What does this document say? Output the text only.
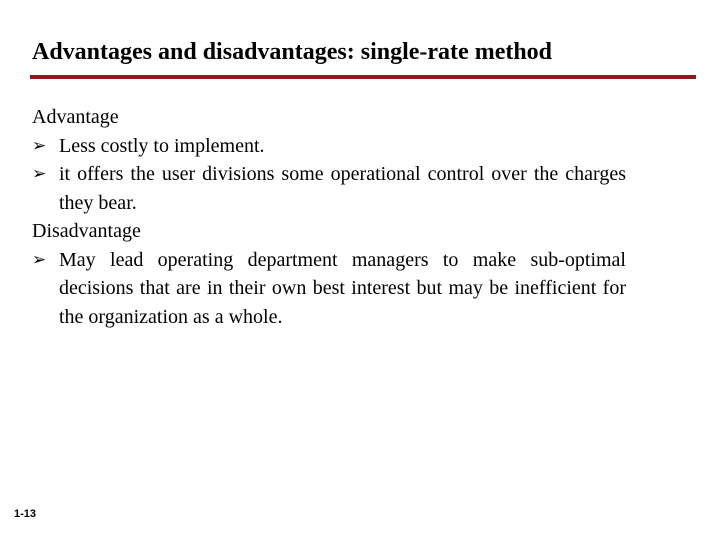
Advantages and disadvantages: single-rate method
Advantage
➢ Less costly to implement.
➢ it offers the user divisions some operational control over the charges they bear.
Disadvantage
➢ May lead operating department managers to make sub-optimal decisions that are in their own best interest but may be inefficient for the organization as a whole.
1-13
